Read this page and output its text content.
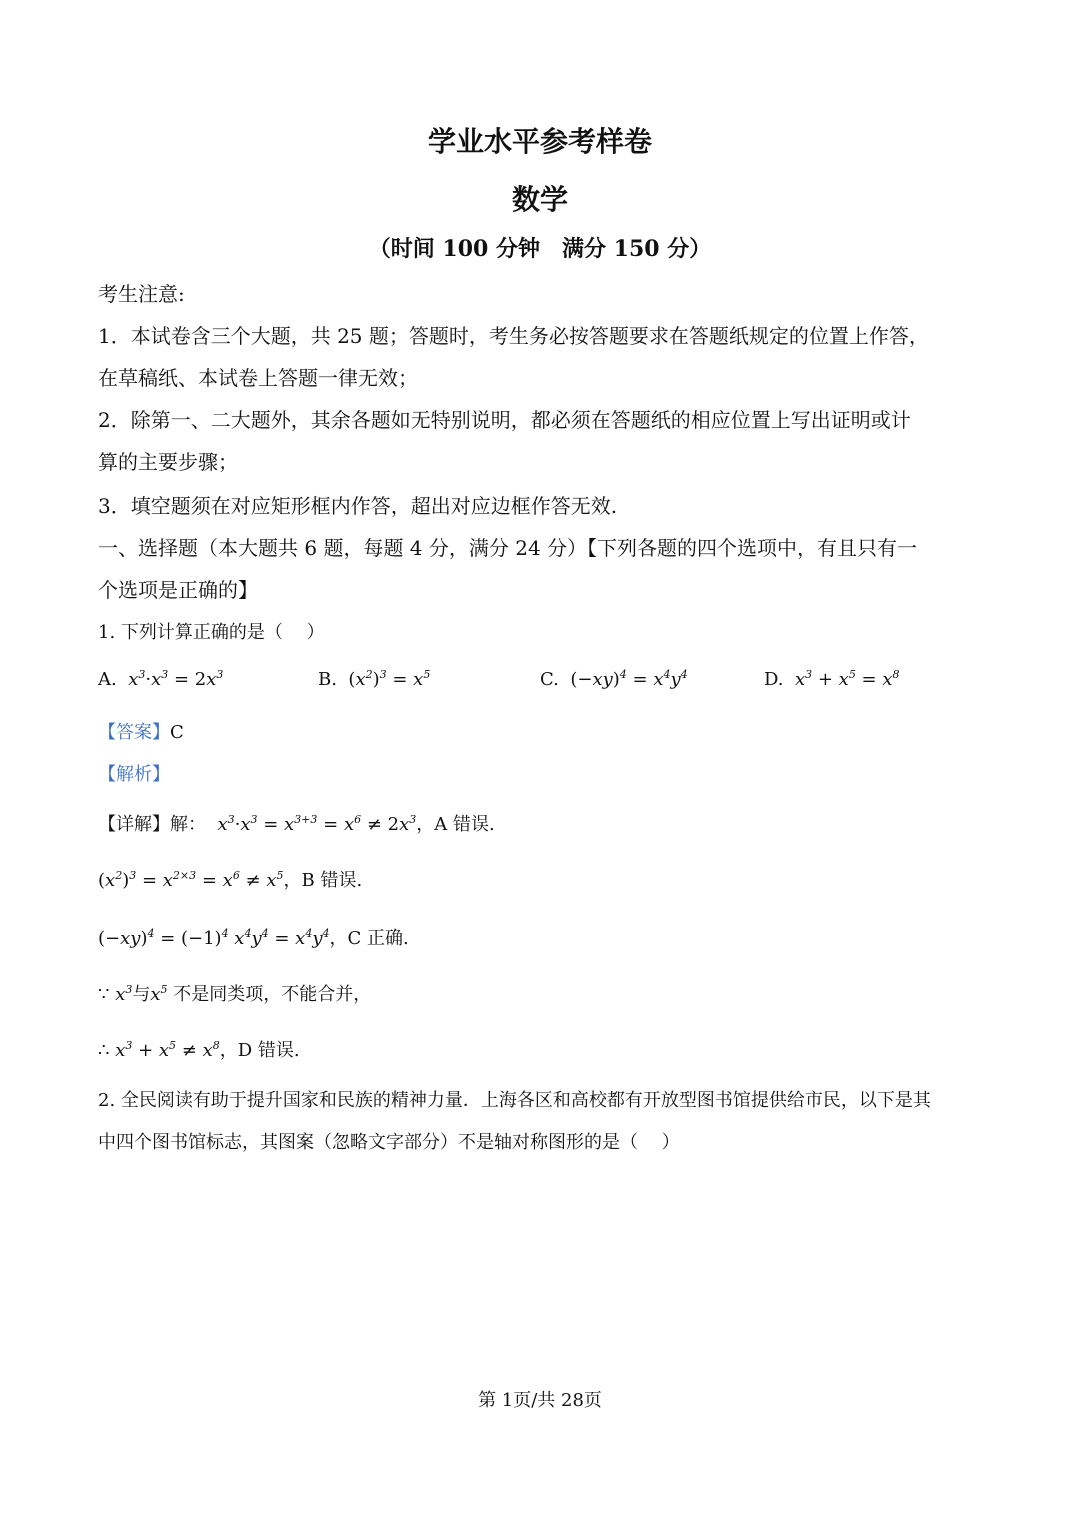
学业水平参考样卷
数学
（时间 100 分钟　满分 150 分）
考生注意:
1．本试卷含三个大题，共 25 题；答题时，考生务必按答题要求在答题纸规定的位置上作答，
在草稿纸、本试卷上答题一律无效；
2．除第一、二大题外，其余各题如无特别说明，都必须在答题纸的相应位置上写出证明或计
算的主要步骤；
3．填空题须在对应矩形框内作答，超出对应边框作答无效.
一、选择题（本大题共 6 题，每题 4 分，满分 24 分）【下列各题的四个选项中，有且只有一
个选项是正确的】
1. 下列计算正确的是（　 ）
A.  $x^3\cdot x^3 = 2x^3$	B. $(x^2)^3 = x^5$	C. $(-xy)^4 = x^4y^4$	D.  $x^3 + x^5 = x^8$
【答案】C
【解析】
【详解】解：  $x^3\cdot x^3 = x^{3+3} = x^6 \ne 2x^3$，A 错误.
$(x^2)^3 = x^{2\times 3} = x^6 \ne x^5$，B 错误.
$(-xy)^4 = (-1)^4$ $x^4y^4 = x^4y^4$，C 正确.
∵ $x^3$与$x^5$ 不是同类项，不能合并，
∴ $x^3 + x^5 \ne x^8$，D 错误.
2. 全民阅读有助于提升国家和民族的精神力量．上海各区和高校都有开放型图书馆提供给市民，以下是其
中四个图书馆标志，其图案（忽略文字部分）不是轴对称图形的是（　 ）
第 1页/共 28页
